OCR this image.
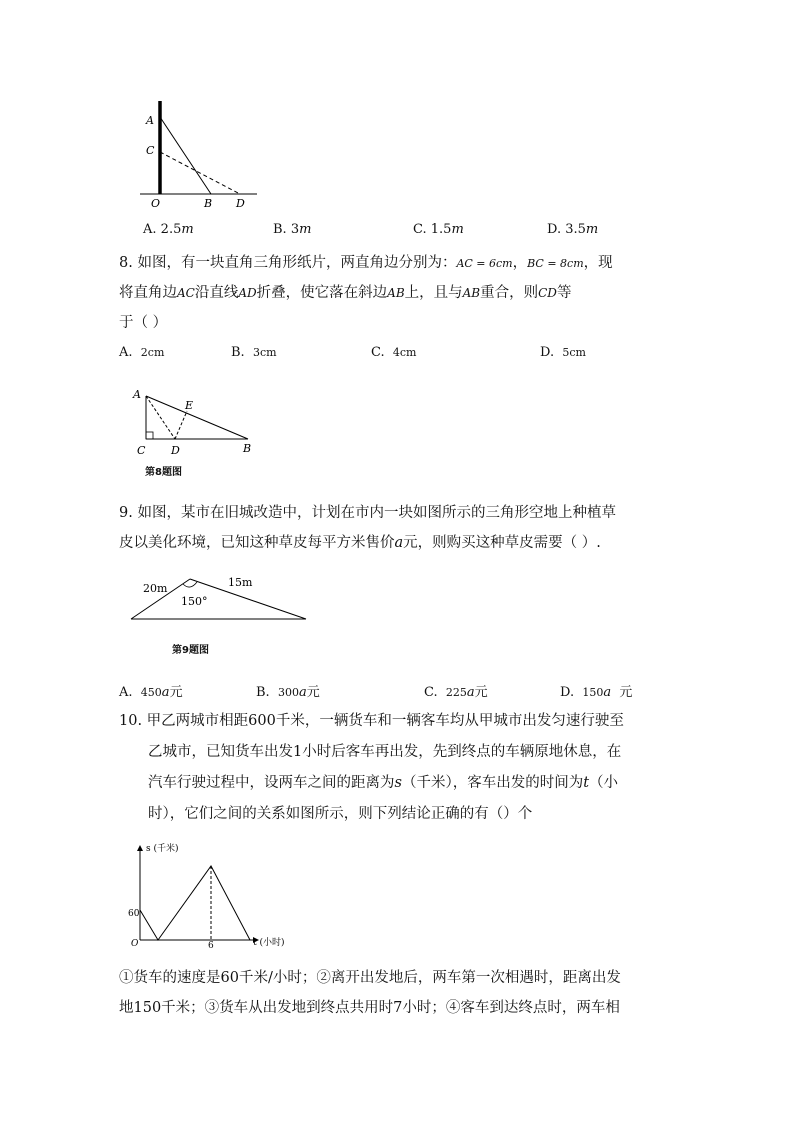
A
C
O	B D
A. 2.5m	B. 3m	C. 1.5m	D. 3.5m
8. 如图，有一块直角三角形纸片，两直角边分别为：AC = 6cm，BC = 8cm，现
将直角边AC沿直线AD折叠，使它落在斜边AB上，且与AB重合，则CD等
于（ ）
A. 2cm	B. 3cm	C. 4cm	D. 5cm
A
E
C D	B
第8题图
9. 如图，某市在旧城改造中，计划在市内一块如图所示的三角形空地上种植草
皮以美化环境，已知这种草皮每平方米售价a元，则购买这种草皮需要（ ）.
20m	15m
150°
第9题图
A. 450a元	B. 300a元	C. 225a元	D. 150a  元
10. 甲乙两城市相距600千米，一辆货车和一辆客车均从甲城市出发匀速行驶至
乙城市，已知货车出发1小时后客车再出发，先到终点的车辆原地休息，在
汽车行驶过程中，设两车之间的距离为s（千米），客车出发的时间为t（小
时），它们之间的关系如图所示，则下列结论正确的有（）个
s (千米)
t (小时)
O
60
6
①货车的速度是60千米/小时；②离开出发地后，两车第一次相遇时，距离出发
地150千米；③货车从出发地到终点共用时7小时；④客车到达终点时，两车相
